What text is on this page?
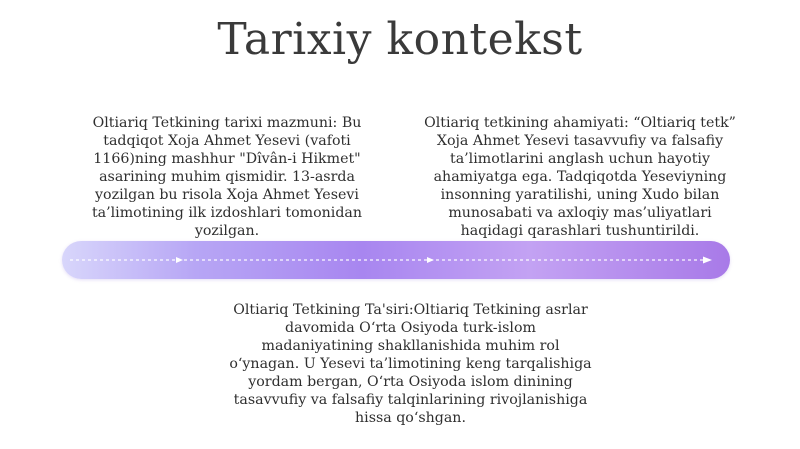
Tarixiy kontekst
Oltiariq Tetkining tarixi mazmuni: Bu tadqiqot Xoja Ahmet Yesevi (vafoti 1166)ning mashhur "Dîvân-i Hikmet" asarining muhim qismidir. 13-asrda yozilgan bu risola Xoja Ahmet Yesevi ta’limotining ilk izdoshlari tomonidan yozilgan.
Oltiariq tetkining ahamiyati: “Oltiariq tetk” Xoja Ahmet Yesevi tasavvufiy va falsafiy ta’limotlarini anglash uchun hayotiy ahamiyatga ega. Tadqiqotda Yeseviyning insonning yaratilishi, uning Xudo bilan munosabati va axloqiy mas’uliyatlari haqidagi qarashlari tushuntirildi.
Oltiariq Tetkining Ta'siri:Oltiariq Tetkining asrlar davomida O‘rta Osiyoda turk-islom madaniyatining shakllanishida muhim rol o‘ynagan. U Yesevi ta’limotining keng tarqalishiga yordam bergan, O‘rta Osiyoda islom dinining tasavvufiy va falsafiy talqinlarining rivojlanishiga hissa qo‘shgan.
